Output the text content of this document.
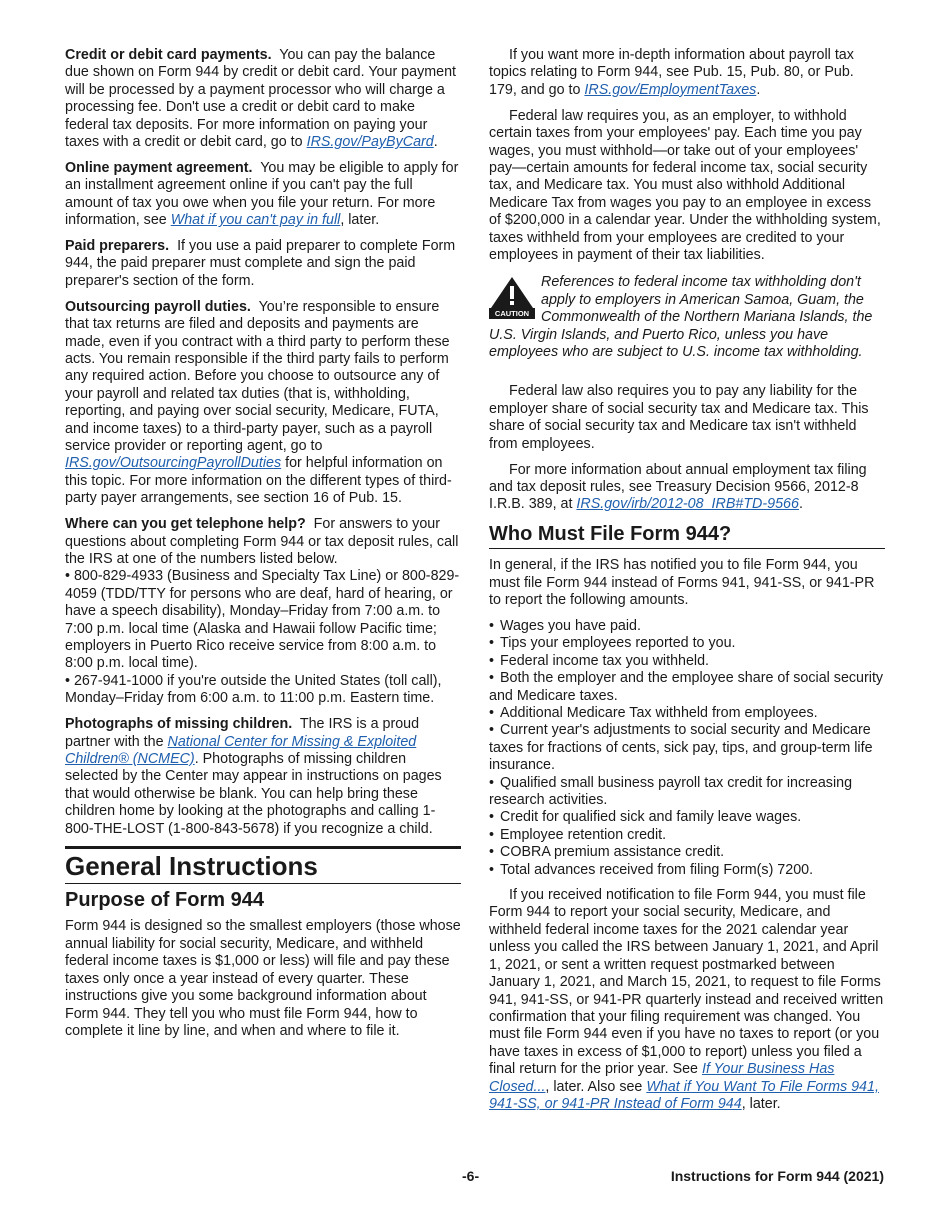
Credit or debit card payments. You can pay the balance due shown on Form 944 by credit or debit card. Your payment will be processed by a payment processor who will charge a processing fee. Don't use a credit or debit card to make federal tax deposits. For more information on paying your taxes with a credit or debit card, go to IRS.gov/PayByCard.

Online payment agreement. You may be eligible to apply for an installment agreement online if you can't pay the full amount of tax you owe when you file your return. For more information, see What if you can't pay in full, later.

Paid preparers. If you use a paid preparer to complete Form 944, the paid preparer must complete and sign the paid preparer's section of the form.

Outsourcing payroll duties. You’re responsible to ensure that tax returns are filed and deposits and payments are made, even if you contract with a third party to perform these acts. You remain responsible if the third party fails to perform any required action. Before you choose to outsource any of your payroll and related tax duties (that is, withholding, reporting, and paying over social security, Medicare, FUTA, and income taxes) to a third-party payer, such as a payroll service provider or reporting agent, go to IRS.gov/OutsourcingPayrollDuties for helpful information on this topic. For more information on the different types of third-party payer arrangements, see section 16 of Pub. 15.

Where can you get telephone help? For answers to your questions about completing Form 944 or tax deposit rules, call the IRS at one of the numbers listed below.

• 800-829-4933 (Business and Specialty Tax Line) or 800-829-4059 (TDD/TTY for persons who are deaf, hard of hearing, or have a speech disability), Monday–Friday from 7:00 a.m. to 7:00 p.m. local time (Alaska and Hawaii follow Pacific time; employers in Puerto Rico receive service from 8:00 a.m. to 8:00 p.m. local time).

• 267-941-1000 if you're outside the United States (toll call), Monday–Friday from 6:00 a.m. to 11:00 p.m. Eastern time.

Photographs of missing children. The IRS is a proud partner with the National Center for Missing & Exploited Children® (NCMEC). Photographs of missing children selected by the Center may appear in instructions on pages that would otherwise be blank. You can help bring these children home by looking at the photographs and calling 1-800-THE-LOST (1-800-843-5678) if you recognize a child.

General Instructions
Purpose of Form 944

Form 944 is designed so the smallest employers (those whose annual liability for social security, Medicare, and withheld federal income taxes is $1,000 or less) will file and pay these taxes only once a year instead of every quarter. These instructions give you some background information about Form 944. They tell you who must file Form 944, how to complete it line by line, and when and where to file it.

If you want more in-depth information about payroll tax topics relating to Form 944, see Pub. 15, Pub. 80, or Pub. 179, and go to IRS.gov/EmploymentTaxes.

Federal law requires you, as an employer, to withhold certain taxes from your employees' pay. Each time you pay wages, you must withhold—or take out of your employees' pay—certain amounts for federal income tax, social security tax, and Medicare tax. You must also withhold Additional Medicare Tax from wages you pay to an employee in excess of $200,000 in a calendar year. Under the withholding system, taxes withheld from your employees are credited to your employees in payment of their tax liabilities.

CAUTION
References to federal income tax withholding don't apply to employers in American Samoa, Guam, the Commonwealth of the Northern Mariana Islands, the U.S. Virgin Islands, and Puerto Rico, unless you have employees who are subject to U.S. income tax withholding.

Federal law also requires you to pay any liability for the employer share of social security tax and Medicare tax. This share of social security tax and Medicare tax isn't withheld from employees.

For more information about annual employment tax filing and tax deposit rules, see Treasury Decision 9566, 2012-8 I.R.B. 389, at IRS.gov/irb/2012-08_IRB#TD-9566.

Who Must File Form 944?

In general, if the IRS has notified you to file Form 944, you must file Form 944 instead of Forms 941, 941-SS, or 941-PR to report the following amounts.

• Wages you have paid.
• Tips your employees reported to you.
• Federal income tax you withheld.
• Both the employer and the employee share of social security and Medicare taxes.
• Additional Medicare Tax withheld from employees.
• Current year's adjustments to social security and Medicare taxes for fractions of cents, sick pay, tips, and group-term life insurance.
• Qualified small business payroll tax credit for increasing research activities.
• Credit for qualified sick and family leave wages.
• Employee retention credit.
• COBRA premium assistance credit.
• Total advances received from filing Form(s) 7200.

If you received notification to file Form 944, you must file Form 944 to report your social security, Medicare, and withheld federal income taxes for the 2021 calendar year unless you called the IRS between January 1, 2021, and April 1, 2021, or sent a written request postmarked between January 1, 2021, and March 15, 2021, to request to file Forms 941, 941-SS, or 941-PR quarterly instead and received written confirmation that your filing requirement was changed. You must file Form 944 even if you have no taxes to report (or you have taxes in excess of $1,000 to report) unless you filed a final return for the prior year. See If Your Business Has Closed..., later. Also see What if You Want To File Forms 941, 941-SS, or 941-PR Instead of Form 944, later.

-6-	Instructions for Form 944 (2021)
